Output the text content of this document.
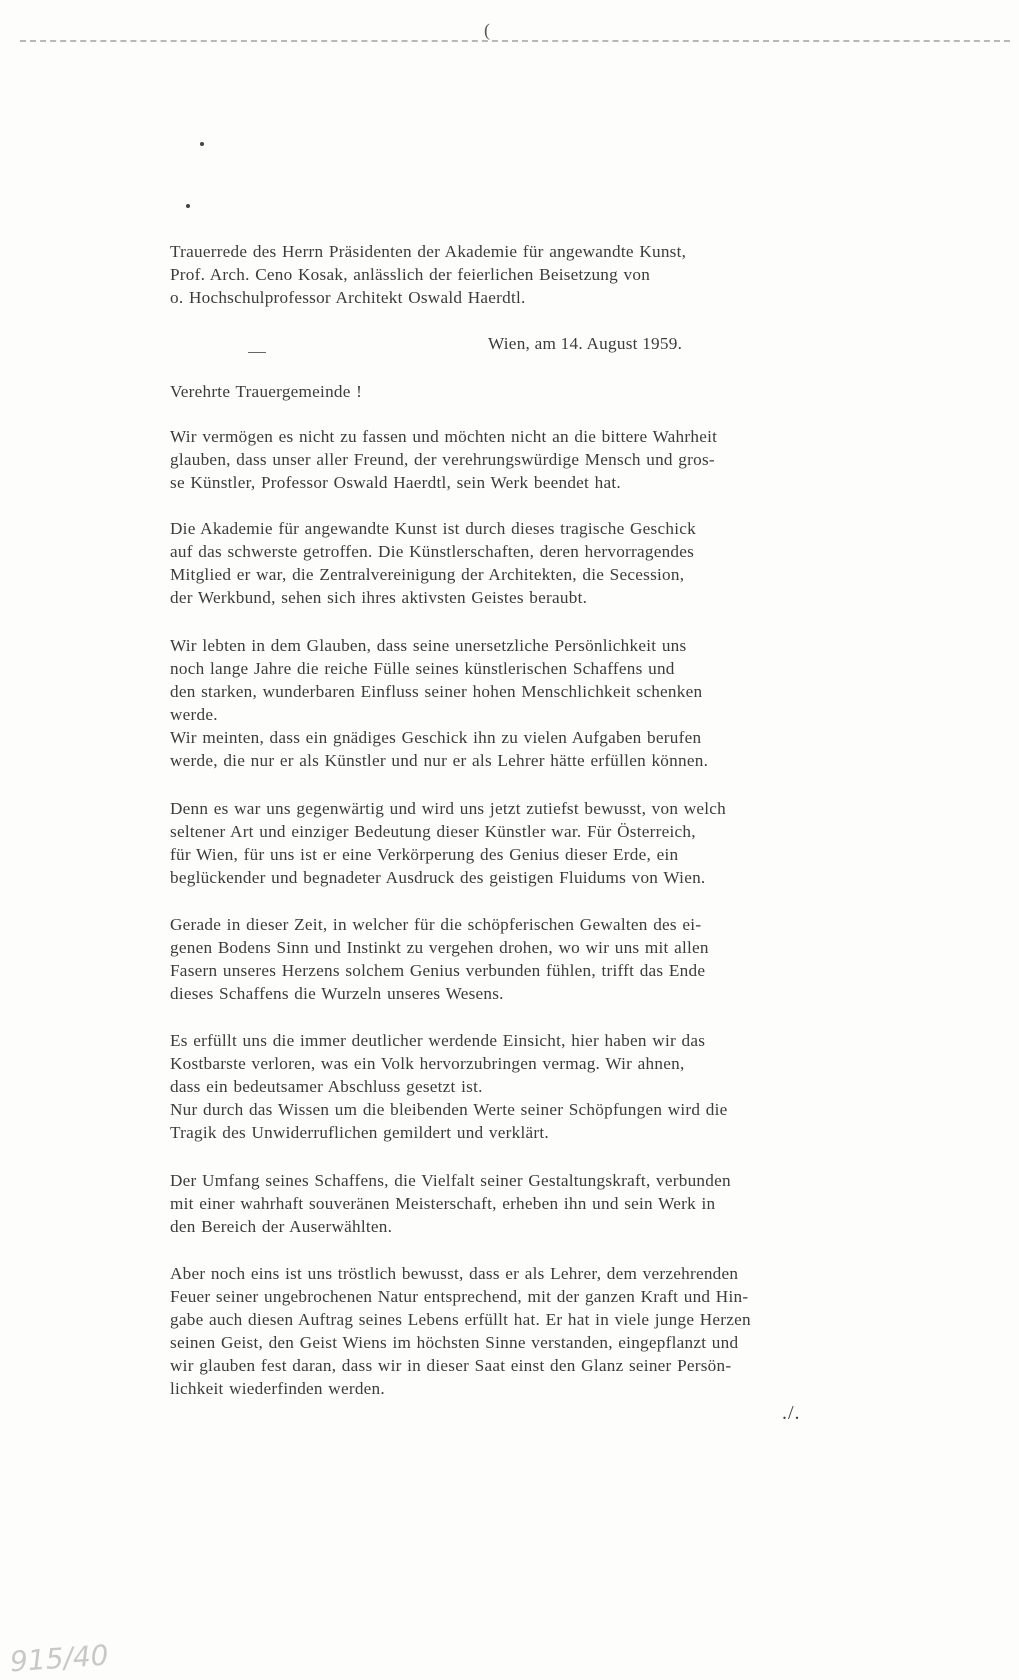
(
Trauerrede des Herrn Präsidenten der Akademie für angewandte Kunst,
Prof. Arch. Ceno Kosak, anlässlich der feierlichen Beisetzung von
o. Hochschulprofessor Architekt Oswald Haerdtl.
Wien, am 14. August 1959.
Verehrte Trauergemeinde !
Wir vermögen es nicht zu fassen und möchten nicht an die bittere Wahrheit
glauben, dass unser aller Freund, der verehrungswürdige Mensch und gros-
se Künstler, Professor Oswald Haerdtl, sein Werk beendet hat.
Die Akademie für angewandte Kunst ist durch dieses tragische Geschick
auf das schwerste getroffen. Die Künstlerschaften, deren hervorragendes
Mitglied er war, die Zentralvereinigung der Architekten, die Secession,
der Werkbund, sehen sich ihres aktivsten Geistes beraubt.
Wir lebten in dem Glauben, dass seine unersetzliche Persönlichkeit uns
noch lange Jahre die reiche Fülle seines künstlerischen Schaffens und
den starken, wunderbaren Einfluss seiner hohen Menschlichkeit schenken
werde.
Wir meinten, dass ein gnädiges Geschick ihn zu vielen Aufgaben berufen
werde, die nur er als Künstler und nur er als Lehrer hätte erfüllen können.
Denn es war uns gegenwärtig und wird uns jetzt zutiefst bewusst, von welch
seltener Art und einziger Bedeutung dieser Künstler war. Für Österreich,
für Wien, für uns ist er eine Verkörperung des Genius dieser Erde, ein
beglückender und begnadeter Ausdruck des geistigen Fluidums von Wien.
Gerade in dieser Zeit, in welcher für die schöpferischen Gewalten des ei-
genen Bodens Sinn und Instinkt zu vergehen drohen, wo wir uns mit allen
Fasern unseres Herzens solchem Genius verbunden fühlen, trifft das Ende
dieses Schaffens die Wurzeln unseres Wesens.
Es erfüllt uns die immer deutlicher werdende Einsicht, hier haben wir das
Kostbarste verloren, was ein Volk hervorzubringen vermag. Wir ahnen,
dass ein bedeutsamer Abschluss gesetzt ist.
Nur durch das Wissen um die bleibenden Werte seiner Schöpfungen wird die
Tragik des Unwiderruflichen gemildert und verklärt.
Der Umfang seines Schaffens, die Vielfalt seiner Gestaltungskraft, verbunden
mit einer wahrhaft souveränen Meisterschaft, erheben ihn und sein Werk in
den Bereich der Auserwählten.
Aber noch eins ist uns tröstlich bewusst, dass er als Lehrer, dem verzehrenden
Feuer seiner ungebrochenen Natur entsprechend, mit der ganzen Kraft und Hin-
gabe auch diesen Auftrag seines Lebens erfüllt hat. Er hat in viele junge Herzen
seinen Geist, den Geist Wiens im höchsten Sinne verstanden, eingepflanzt und
wir glauben fest daran, dass wir in dieser Saat einst den Glanz seiner Persön-
lichkeit wiederfinden werden.
./.
915/40
